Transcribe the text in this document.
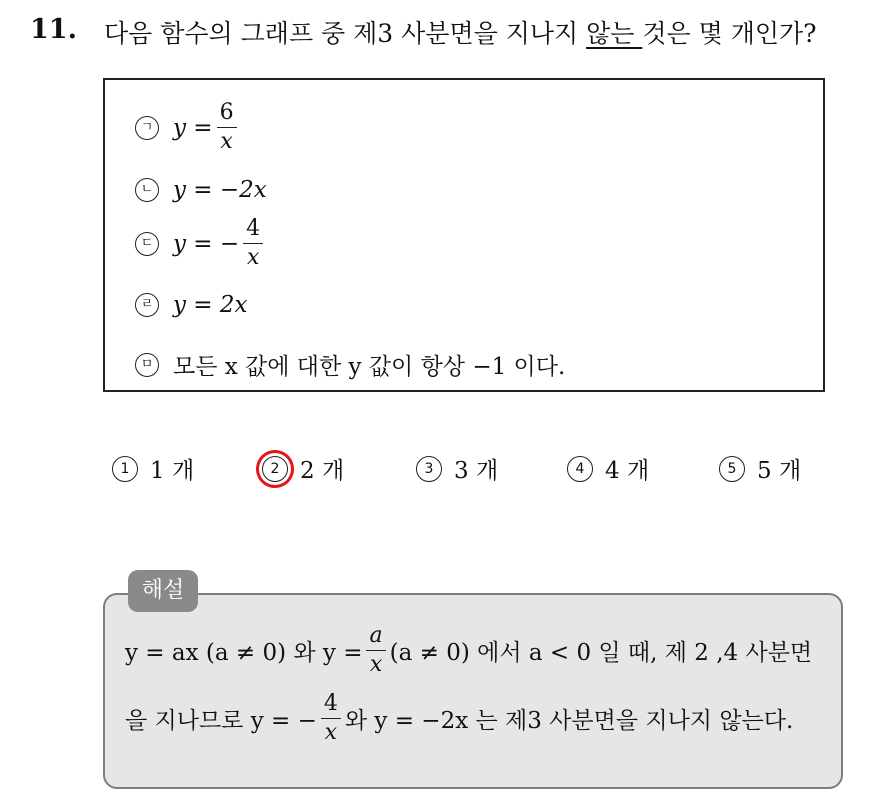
11. 다음 함수의 그래프 중 제3 사분면을 지나지 않는 것은 몇 개인가?
ㄱ $y = \frac{6}{x}$
ㄴ y = −2x
ㄷ y = − $\frac{4}{x}$
ㄹ y = 2x
ㅁ 모든 x 값에 대한 y 값이 항상 −1 이다.
1 1 개	2 2 개	3 3 개	4 4 개	5 5 개
해설
y = ax (a ≠ 0) 와 $y = \frac{a}{x} (a \ne 0)$ 에서 a < 0 일 때, 제 2 ,4 사분면
을 지나므로 y = − $\frac{4}{x}$ 와 y = −2x 는 제3 사분면을 지나지 않는다.
